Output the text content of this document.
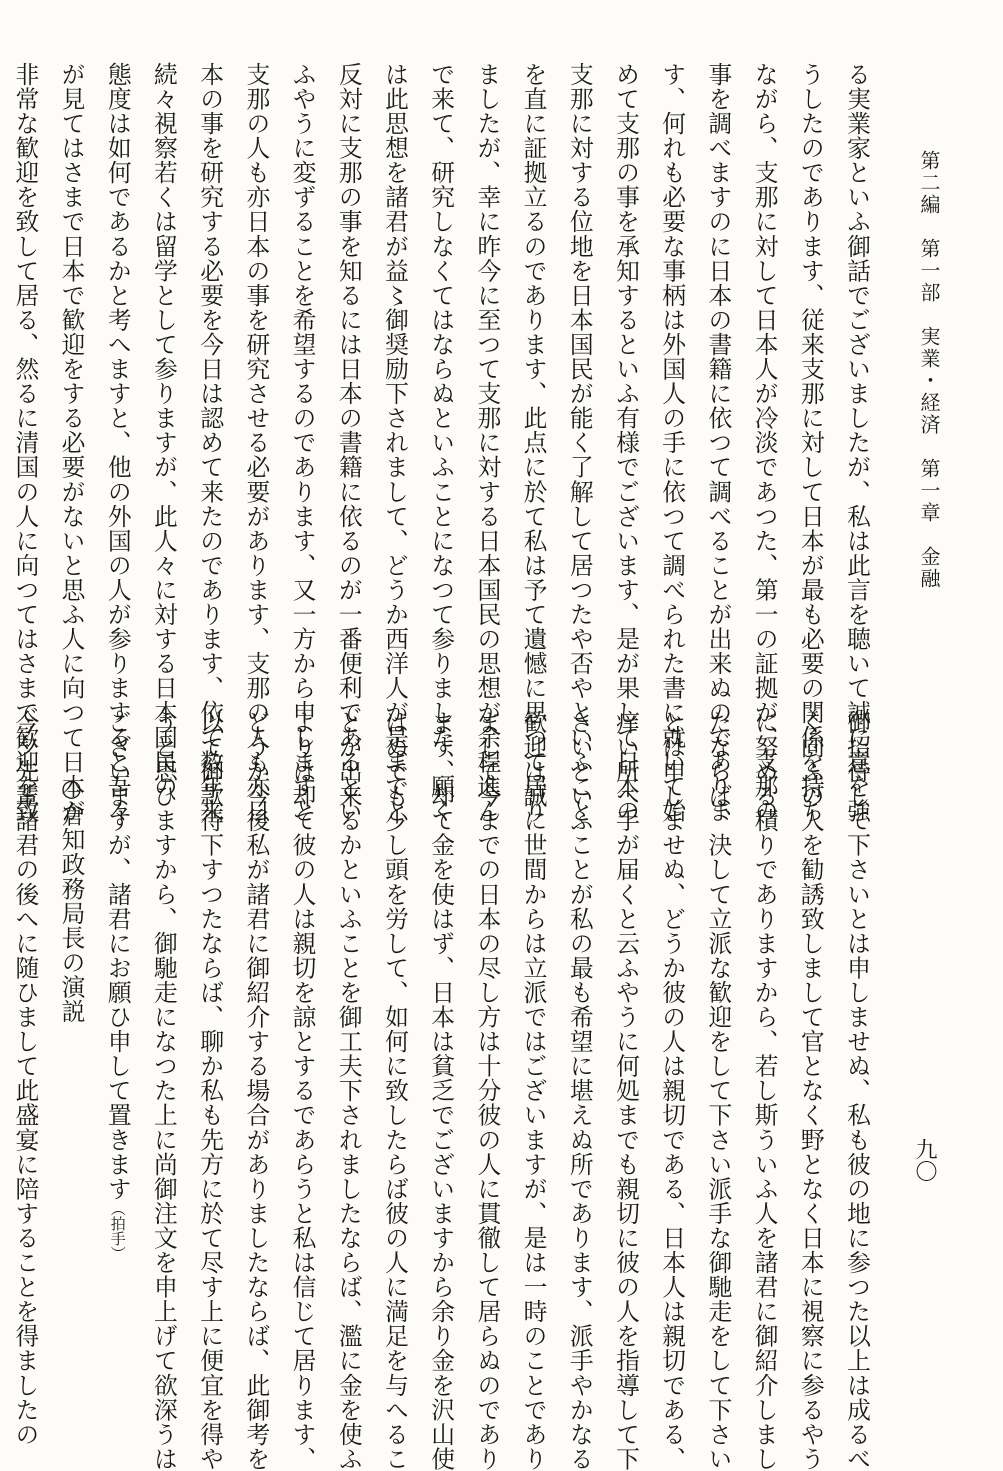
第二編　第一部　実業・経済　第一章　金融
九〇
る実業家といふ御話でございましたが、私は此言を聴いて誠に意を強
うしたのであります、従来支那に対して日本が最も必要の関係を持ち
ながら、支那に対して日本人が冷淡であつた、第一の証拠が、支那の
事を調べますのに日本の書籍に依つて調べることが出来ぬのでありま
す、何れも必要な事柄は外国人の手に依つて調べられた書に就いて始
めて支那の事を承知するといふ有様でございます、是が果して日本の
支那に対する位地を日本国民が能く了解して居つたや否やといふこと
を直に証拠立るのであります、此点に於て私は予て遺憾に思つて居り
ましたが、幸に昨今に至つて支那に対する日本国民の思想が余程進ん
で来て、研究しなくてはならぬといふことになつて参りました、願く
は此思想を諸君が益〻御奨励下されまして、どうか西洋人が是までと
反対に支那の事を知るには日本の書籍に依るのが一番便利であるとい
ふやうに変ずることを希望するのであります、又一方から申しますと
支那の人も亦日本の事を研究させる必要があります、支那の人も亦日
本の事を研究する必要を今日は認めて来たのであります、依て数年来
続々視察若くは留学として参りますが、此人々に対する日本国民の
態度は如何であるかと考へますと、他の外国の人が参りますると吾々
が見てはさまで日本で歓迎をする必要がないと思ふ人に向つて日本が
非常な歓迎を致して居る、然るに清国の人に向つてはさまで歓迎を致
御招待して下さいとは申しませぬ、私も彼の地に参つた以上は成るべ
く向ふの人を勧誘致しまして官となく野となく日本に視察に参るやう
に努める積りでありますから、若し斯ういふ人を諸君に御紹介しまし
たならば、決して立派な歓迎をして下さい派手な御馳走をして下さい
とは申しませぬ、どうか彼の人は親切である、日本人は親切である、
痒い所へ手が届くと云ふやうに何処までも親切に彼の人を指導して下
さいといふことが私の最も希望に堪えぬ所であります、派手やかなる
歓迎は誠に世間からは立派ではございますが、是は一時のことであり
まして今までの日本の尽し方は十分彼の人に貫徹して居らぬのであり
ます、却て金を使はず、日本は貧乏でございますから余り金を沢山使
はぬでも少し頭を労して、如何に致したらば彼の人に満足を与へるこ
とが出来るかといふことを御工夫下されましたならば、濫に金を使ふ
よりは却て彼の人は親切を諒とするであらうと私は信じて居ります、
どうか今後私が諸君に御紹介する場合がありましたならば、此御考を
以て御款待下すつたならば、聊か私も先方に於て尽す上に便宜を得や
うと思ひますから、御馳走になつた上に尚御注文を申上げて欲深うは
ございますが、諸君にお願ひ申して置きます（拍手）
○倉知政務局長の演説
今夕先輩諸君の後へに随ひまして此盛宴に陪することを得ましたの
